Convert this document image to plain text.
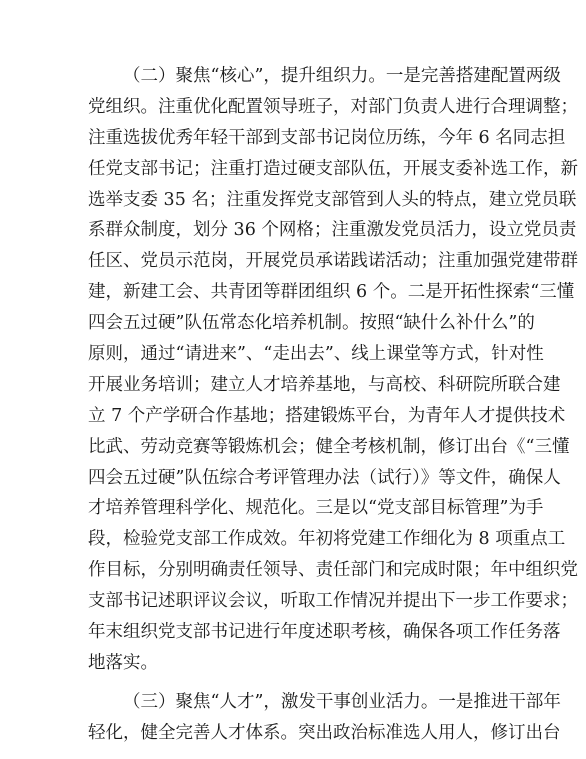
（二）聚焦“核心”，提升组织力。一是完善搭建配置两级
党组织。注重优化配置领导班子，对部门负责人进行合理调整；
注重选拔优秀年轻干部到支部书记岗位历练，今年 6 名同志担
任党支部书记；注重打造过硬支部队伍，开展支委补选工作，新
选举支委 35 名；注重发挥党支部管到人头的特点，建立党员联
系群众制度，划分 36 个网格；注重激发党员活力，设立党员责
任区、党员示范岗，开展党员承诺践诺活动；注重加强党建带群
建，新建工会、共青团等群团组织 6 个。二是开拓性探索“三懂
四会五过硬”队伍常态化培养机制。按照“缺什么补什么”的
原则，通过“请进来”、“走出去”、线上课堂等方式，针对性
开展业务培训；建立人才培养基地，与高校、科研院所联合建
立 7 个产学研合作基地；搭建锻炼平台，为青年人才提供技术
比武、劳动竞赛等锻炼机会；健全考核机制，修订出台《“三懂
四会五过硬”队伍综合考评管理办法（试行）》等文件，确保人
才培养管理科学化、规范化。三是以“党支部目标管理”为手
段，检验党支部工作成效。年初将党建工作细化为 8 项重点工
作目标，分别明确责任领导、责任部门和完成时限；年中组织党
支部书记述职评议会议，听取工作情况并提出下一步工作要求；
年末组织党支部书记进行年度述职考核，确保各项工作任务落
地落实。
（三）聚焦“人才”，激发干事创业活力。一是推进干部年
轻化，健全完善人才体系。突出政治标准选人用人，修订出台
